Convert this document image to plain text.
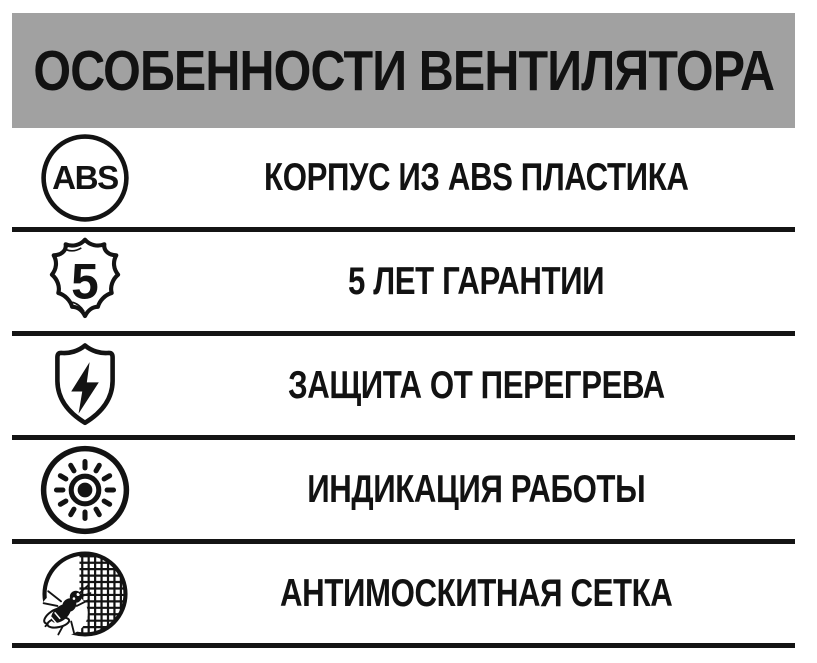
ОСОБЕННОСТИ ВЕНТИЛЯТОРА
ABS	КОРПУС ИЗ ABS ПЛАСТИКА
5	5 ЛЕТ ГАРАНТИИ
ЗАЩИТА ОТ ПЕРЕГРЕВА
ИНДИКАЦИЯ РАБОТЫ
АНТИМОСКИТНАЯ СЕТКА
